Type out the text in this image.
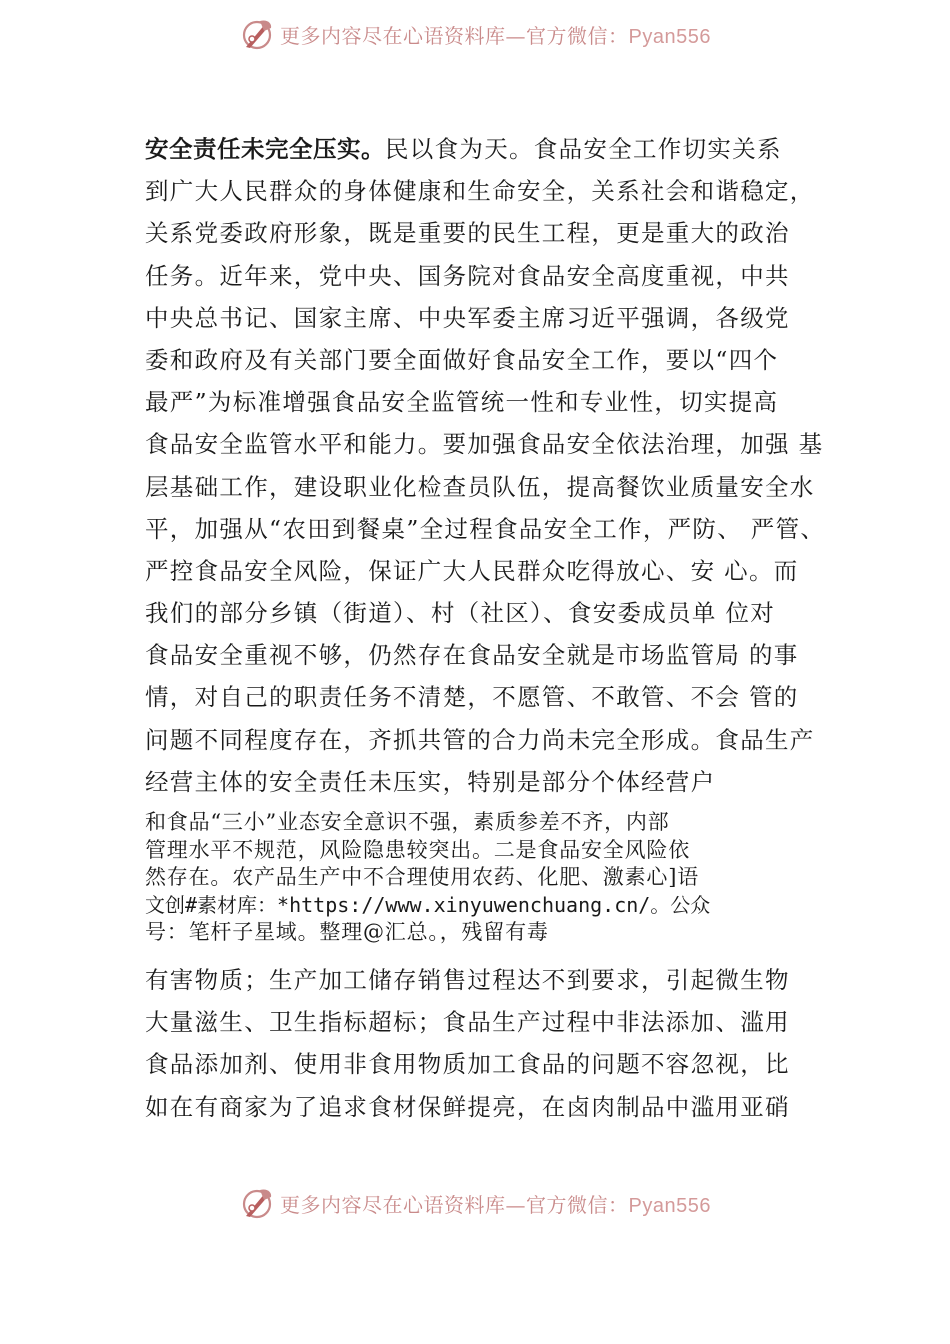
更多内容尽在心语资料库—官方微信：Pyan556
安全责任未完全压实。民以食为天。食品安全工作切实关系
到广大人民群众的身体健康和生命安全，关系社会和谐稳定，
关系党委政府形象，既是重要的民生工程，更是重大的政治
任务。近年来，党中央、国务院对食品安全高度重视，中共
中央总书记、国家主席、中央军委主席习近平强调，各级党
委和政府及有关部门要全面做好食品安全工作，要以“四个
最严”为标准增强食品安全监管统一性和专业性，切实提高
食品安全监管水平和能力。要加强食品安全依法治理，加强 基
层基础工作，建设职业化检查员队伍，提高餐饮业质量安全水
平，加强从“农田到餐桌”全过程食品安全工作，严防、 严管、
严控食品安全风险，保证广大人民群众吃得放心、安 心。而
我们的部分乡镇（街道）、村（社区）、食安委成员单 位对
食品安全重视不够，仍然存在食品安全就是市场监管局 的事
情，对自己的职责任务不清楚，不愿管、不敢管、不会 管的
问题不同程度存在，齐抓共管的合力尚未完全形成。食品生产
经营主体的安全责任未压实，特别是部分个体经营户
和食品“三小”业态安全意识不强，素质参差不齐，内部
管理水平不规范，风险隐患较突出。二是食品安全风险依
然存在。农产品生产中不合理使用农药、化肥、激素心]语
文创#素材库：*https://www.xinyuwenchuang.cn/。公众
号：笔杆子星域。整理@汇总。，残留有毒
有害物质；生产加工储存销售过程达不到要求，引起微生物
大量滋生、卫生指标超标；食品生产过程中非法添加、滥用
食品添加剂、使用非食用物质加工食品的问题不容忽视，比
如在有商家为了追求食材保鲜提亮，在卤肉制品中滥用亚硝
更多内容尽在心语资料库—官方微信：Pyan556
